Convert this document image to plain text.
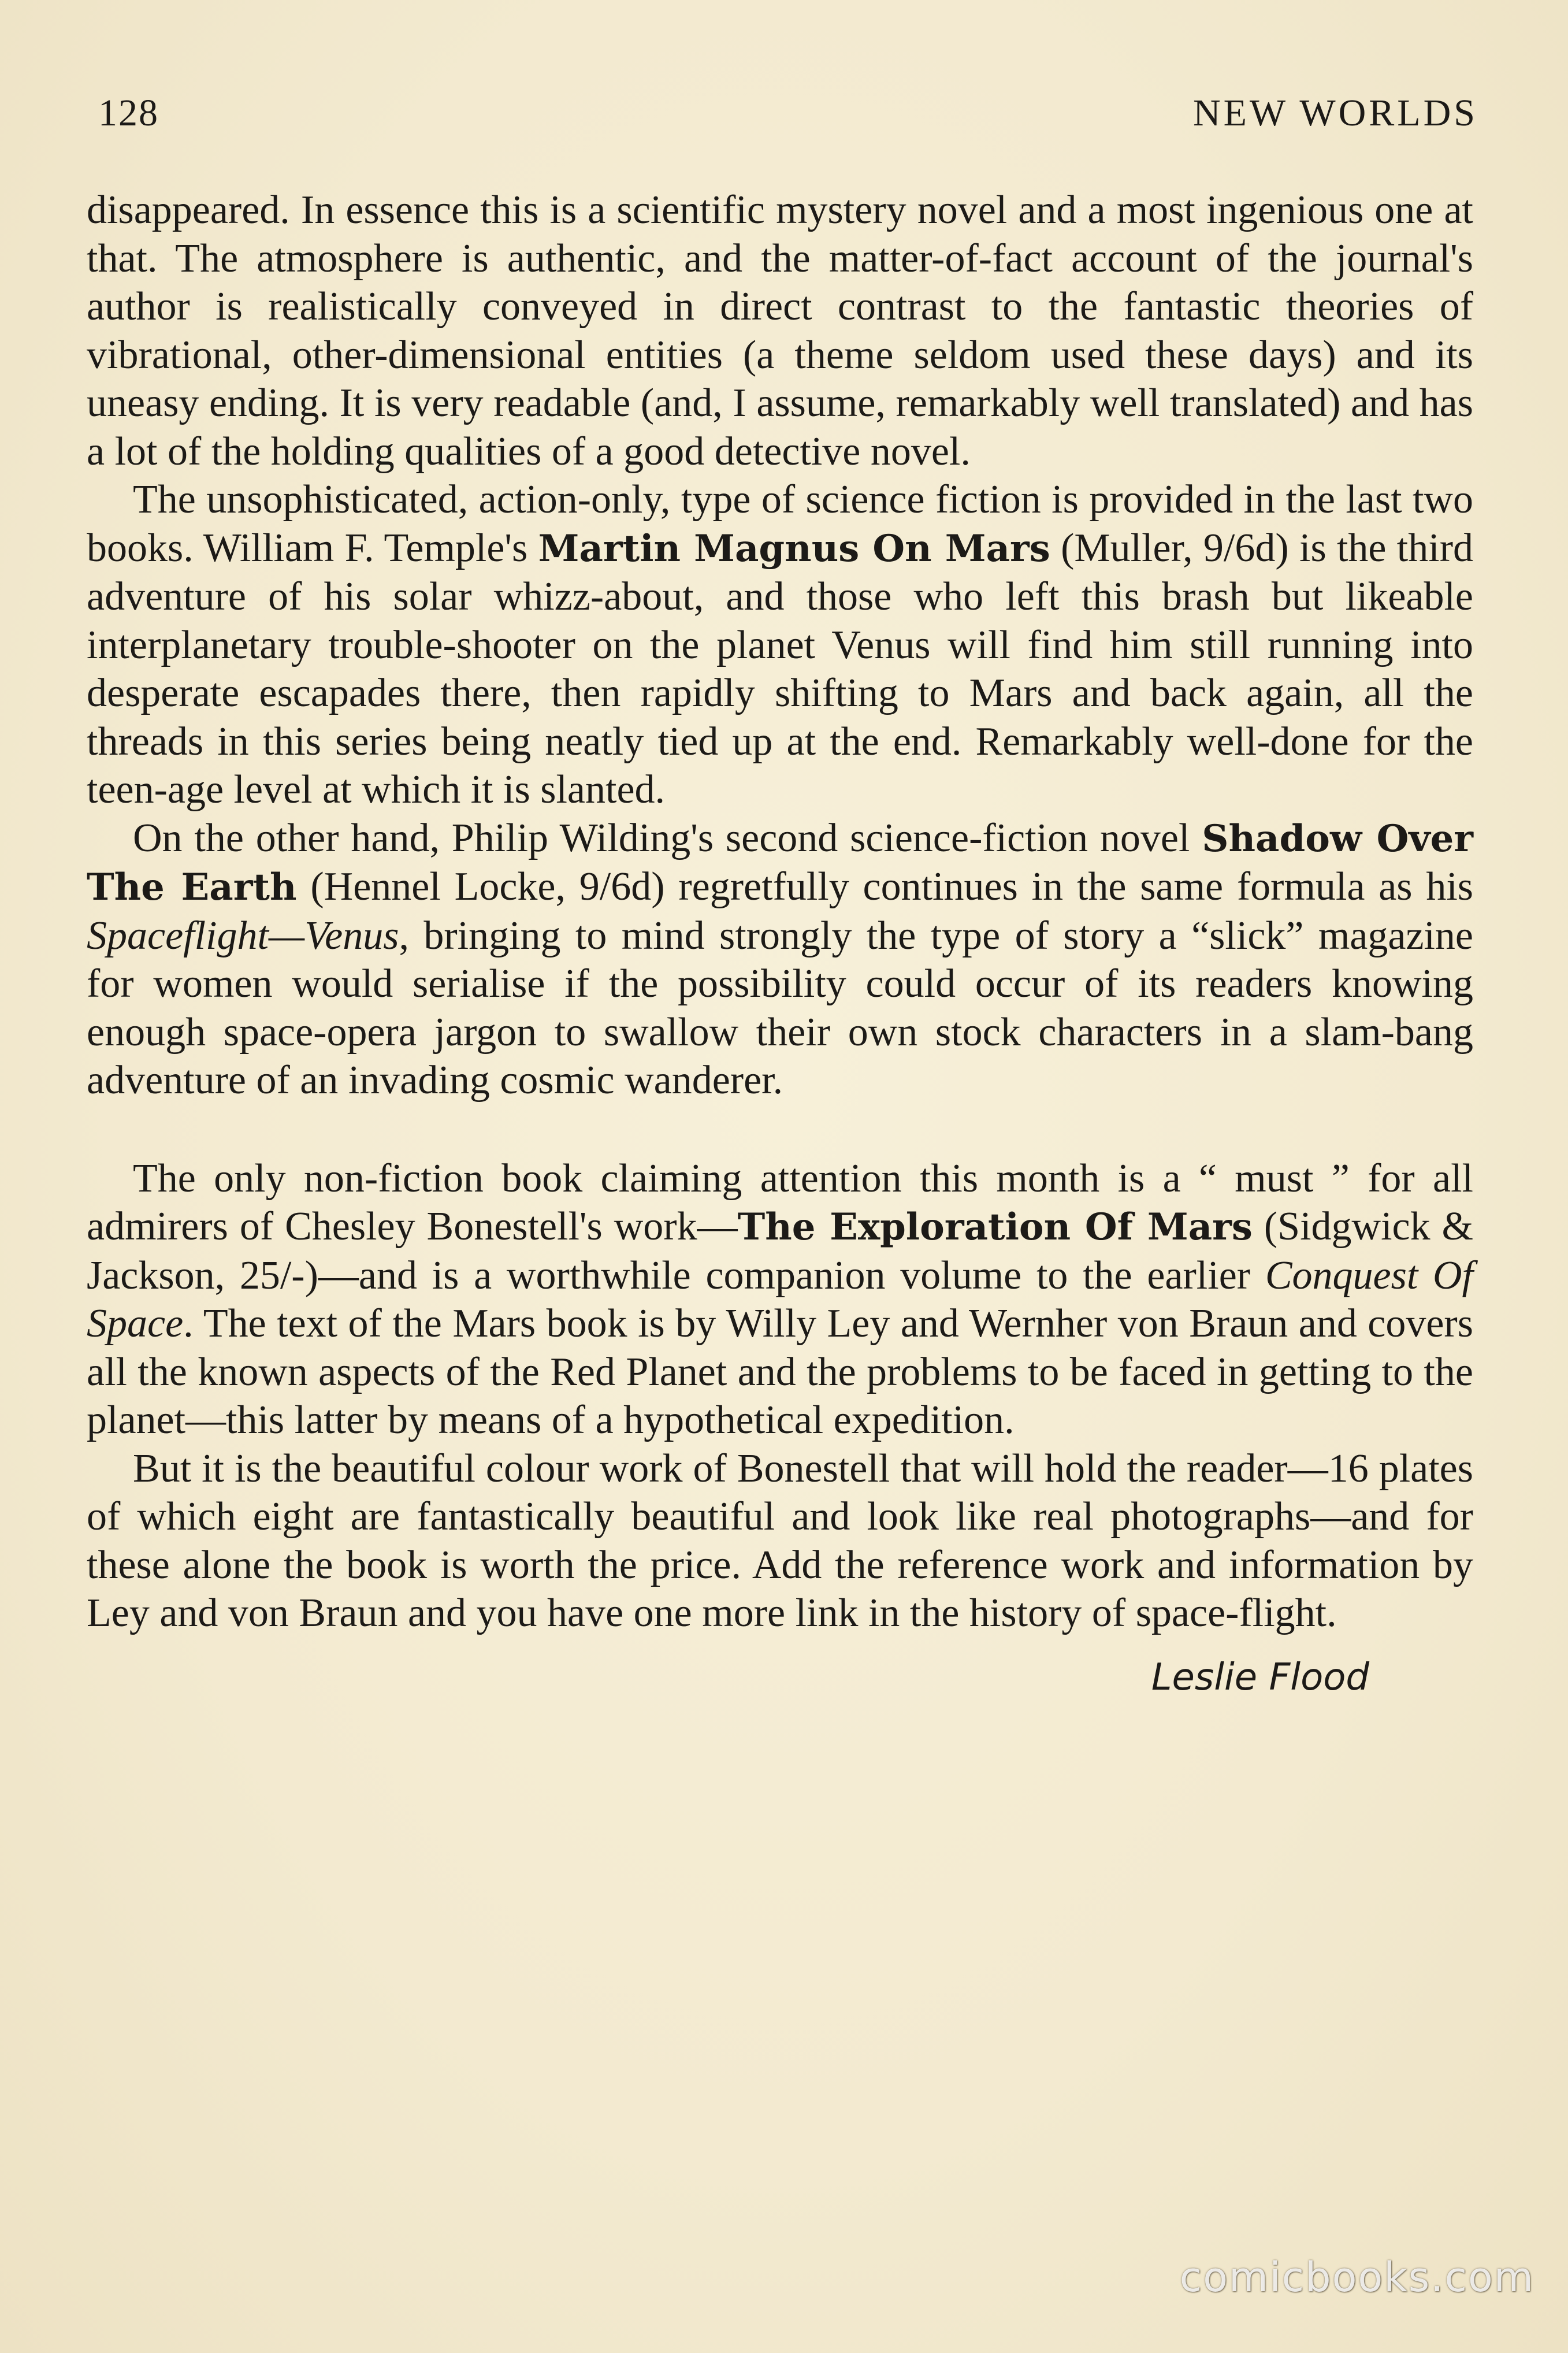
128	NEW WORLDS

disappeared. In essence this is a scientific mystery novel and a most ingenious one at that. The atmosphere is authentic, and the matter-of-fact account of the journal's author is realistically conveyed in direct contrast to the fantastic theories of vibrational, other-dimensional entities (a theme seldom used these days) and its uneasy ending. It is very readable (and, I assume, remarkably well translated) and has a lot of the holding qualities of a good detective novel.

The unsophisticated, action-only, type of science fiction is provided in the last two books. William F. Temple's Martin Magnus On Mars (Muller, 9/6d) is the third adventure of his solar whizz-about, and those who left this brash but likeable interplanetary trouble-shooter on the planet Venus will find him still running into desperate escapades there, then rapidly shifting to Mars and back again, all the threads in this series being neatly tied up at the end. Remarkably well-done for the teen-age level at which it is slanted.

On the other hand, Philip Wilding's second science-fiction novel Shadow Over The Earth (Hennel Locke, 9/6d) regretfully continues in the same formula as his Spaceflight—Venus, bringing to mind strongly the type of story a “slick” magazine for women would serialise if the possibility could occur of its readers knowing enough space-opera jargon to swallow their own stock characters in a slam-bang adventure of an invading cosmic wanderer.

The only non-fiction book claiming attention this month is a “ must ” for all admirers of Chesley Bonestell's work—The Exploration Of Mars (Sidgwick & Jackson, 25/-)—and is a worthwhile companion volume to the earlier Conquest Of Space. The text of the Mars book is by Willy Ley and Wernher von Braun and covers all the known aspects of the Red Planet and the problems to be faced in getting to the planet—this latter by means of a hypothetical expedition.

But it is the beautiful colour work of Bonestell that will hold the reader—16 plates of which eight are fantastically beautiful and look like real photographs—and for these alone the book is worth the price. Add the reference work and information by Ley and von Braun and you have one more link in the history of space-flight.

Leslie Flood
comicbooks.com
